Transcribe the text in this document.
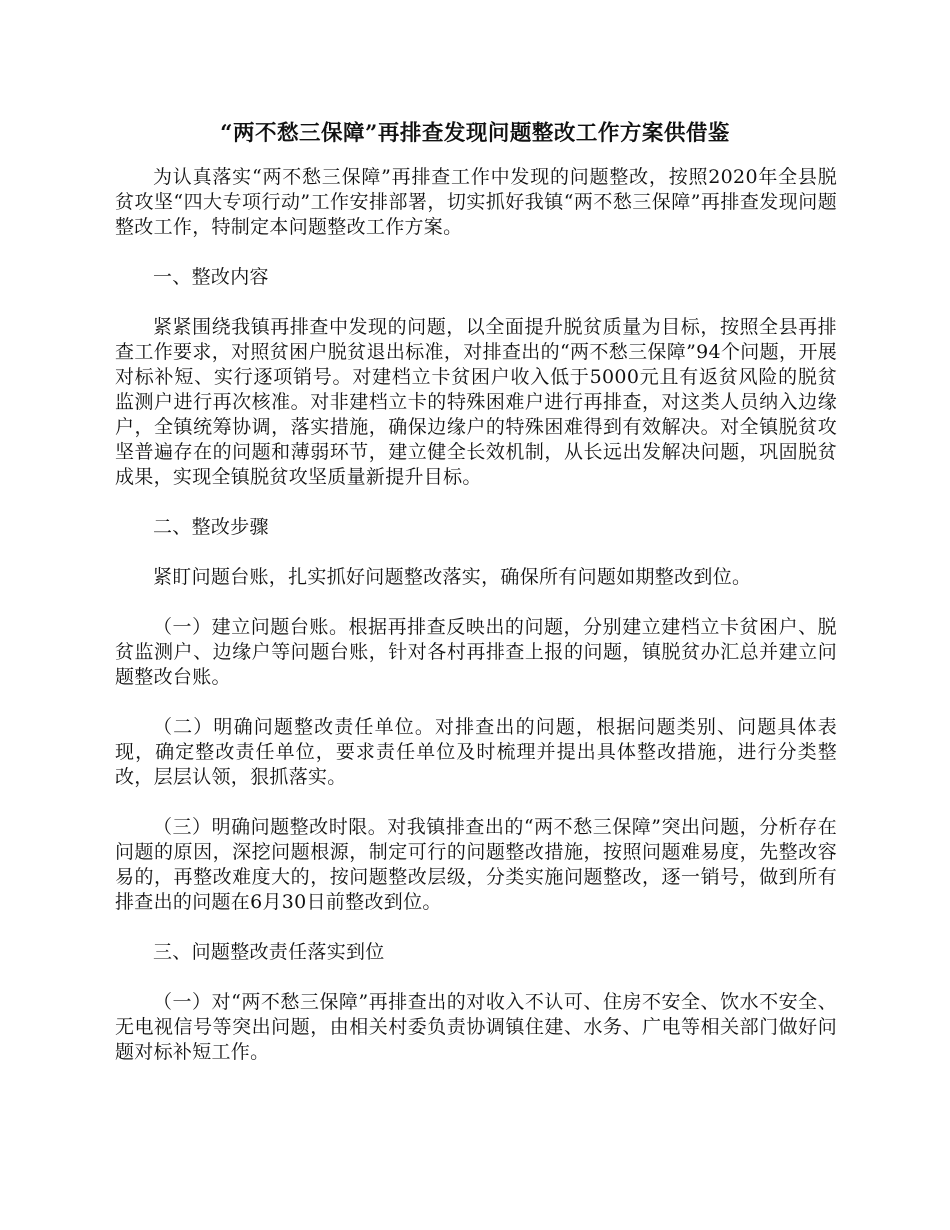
“两不愁三保障”再排查发现问题整改工作方案供借鉴

为认真落实“两不愁三保障”再排查工作中发现的问题整改，按照2020年全县脱贫攻坚“四大专项行动”工作安排部署，切实抓好我镇“两不愁三保障”再排查发现问题整改工作，特制定本问题整改工作方案。

一、整改内容

紧紧围绕我镇再排查中发现的问题，以全面提升脱贫质量为目标，按照全县再排查工作要求，对照贫困户脱贫退出标准，对排查出的“两不愁三保障”94个问题，开展对标补短、实行逐项销号。对建档立卡贫困户收入低于5000元且有返贫风险的脱贫监测户进行再次核准。对非建档立卡的特殊困难户进行再排查，对这类人员纳入边缘户，全镇统筹协调，落实措施，确保边缘户的特殊困难得到有效解决。对全镇脱贫攻坚普遍存在的问题和薄弱环节，建立健全长效机制，从长远出发解决问题，巩固脱贫成果，实现全镇脱贫攻坚质量新提升目标。

二、整改步骤

紧盯问题台账，扎实抓好问题整改落实，确保所有问题如期整改到位。

（一）建立问题台账。根据再排查反映出的问题，分别建立建档立卡贫困户、脱贫监测户、边缘户等问题台账，针对各村再排查上报的问题，镇脱贫办汇总并建立问题整改台账。

（二）明确问题整改责任单位。对排查出的问题，根据问题类别、问题具体表现，确定整改责任单位，要求责任单位及时梳理并提出具体整改措施，进行分类整改，层层认领，狠抓落实。

（三）明确问题整改时限。对我镇排查出的“两不愁三保障”突出问题，分析存在问题的原因，深挖问题根源，制定可行的问题整改措施，按照问题难易度，先整改容易的，再整改难度大的，按问题整改层级，分类实施问题整改，逐一销号，做到所有排查出的问题在6月30日前整改到位。

三、问题整改责任落实到位

（一）对“两不愁三保障”再排查出的对收入不认可、住房不安全、饮水不安全、无电视信号等突出问题，由相关村委负责协调镇住建、水务、广电等相关部门做好问题对标补短工作。
